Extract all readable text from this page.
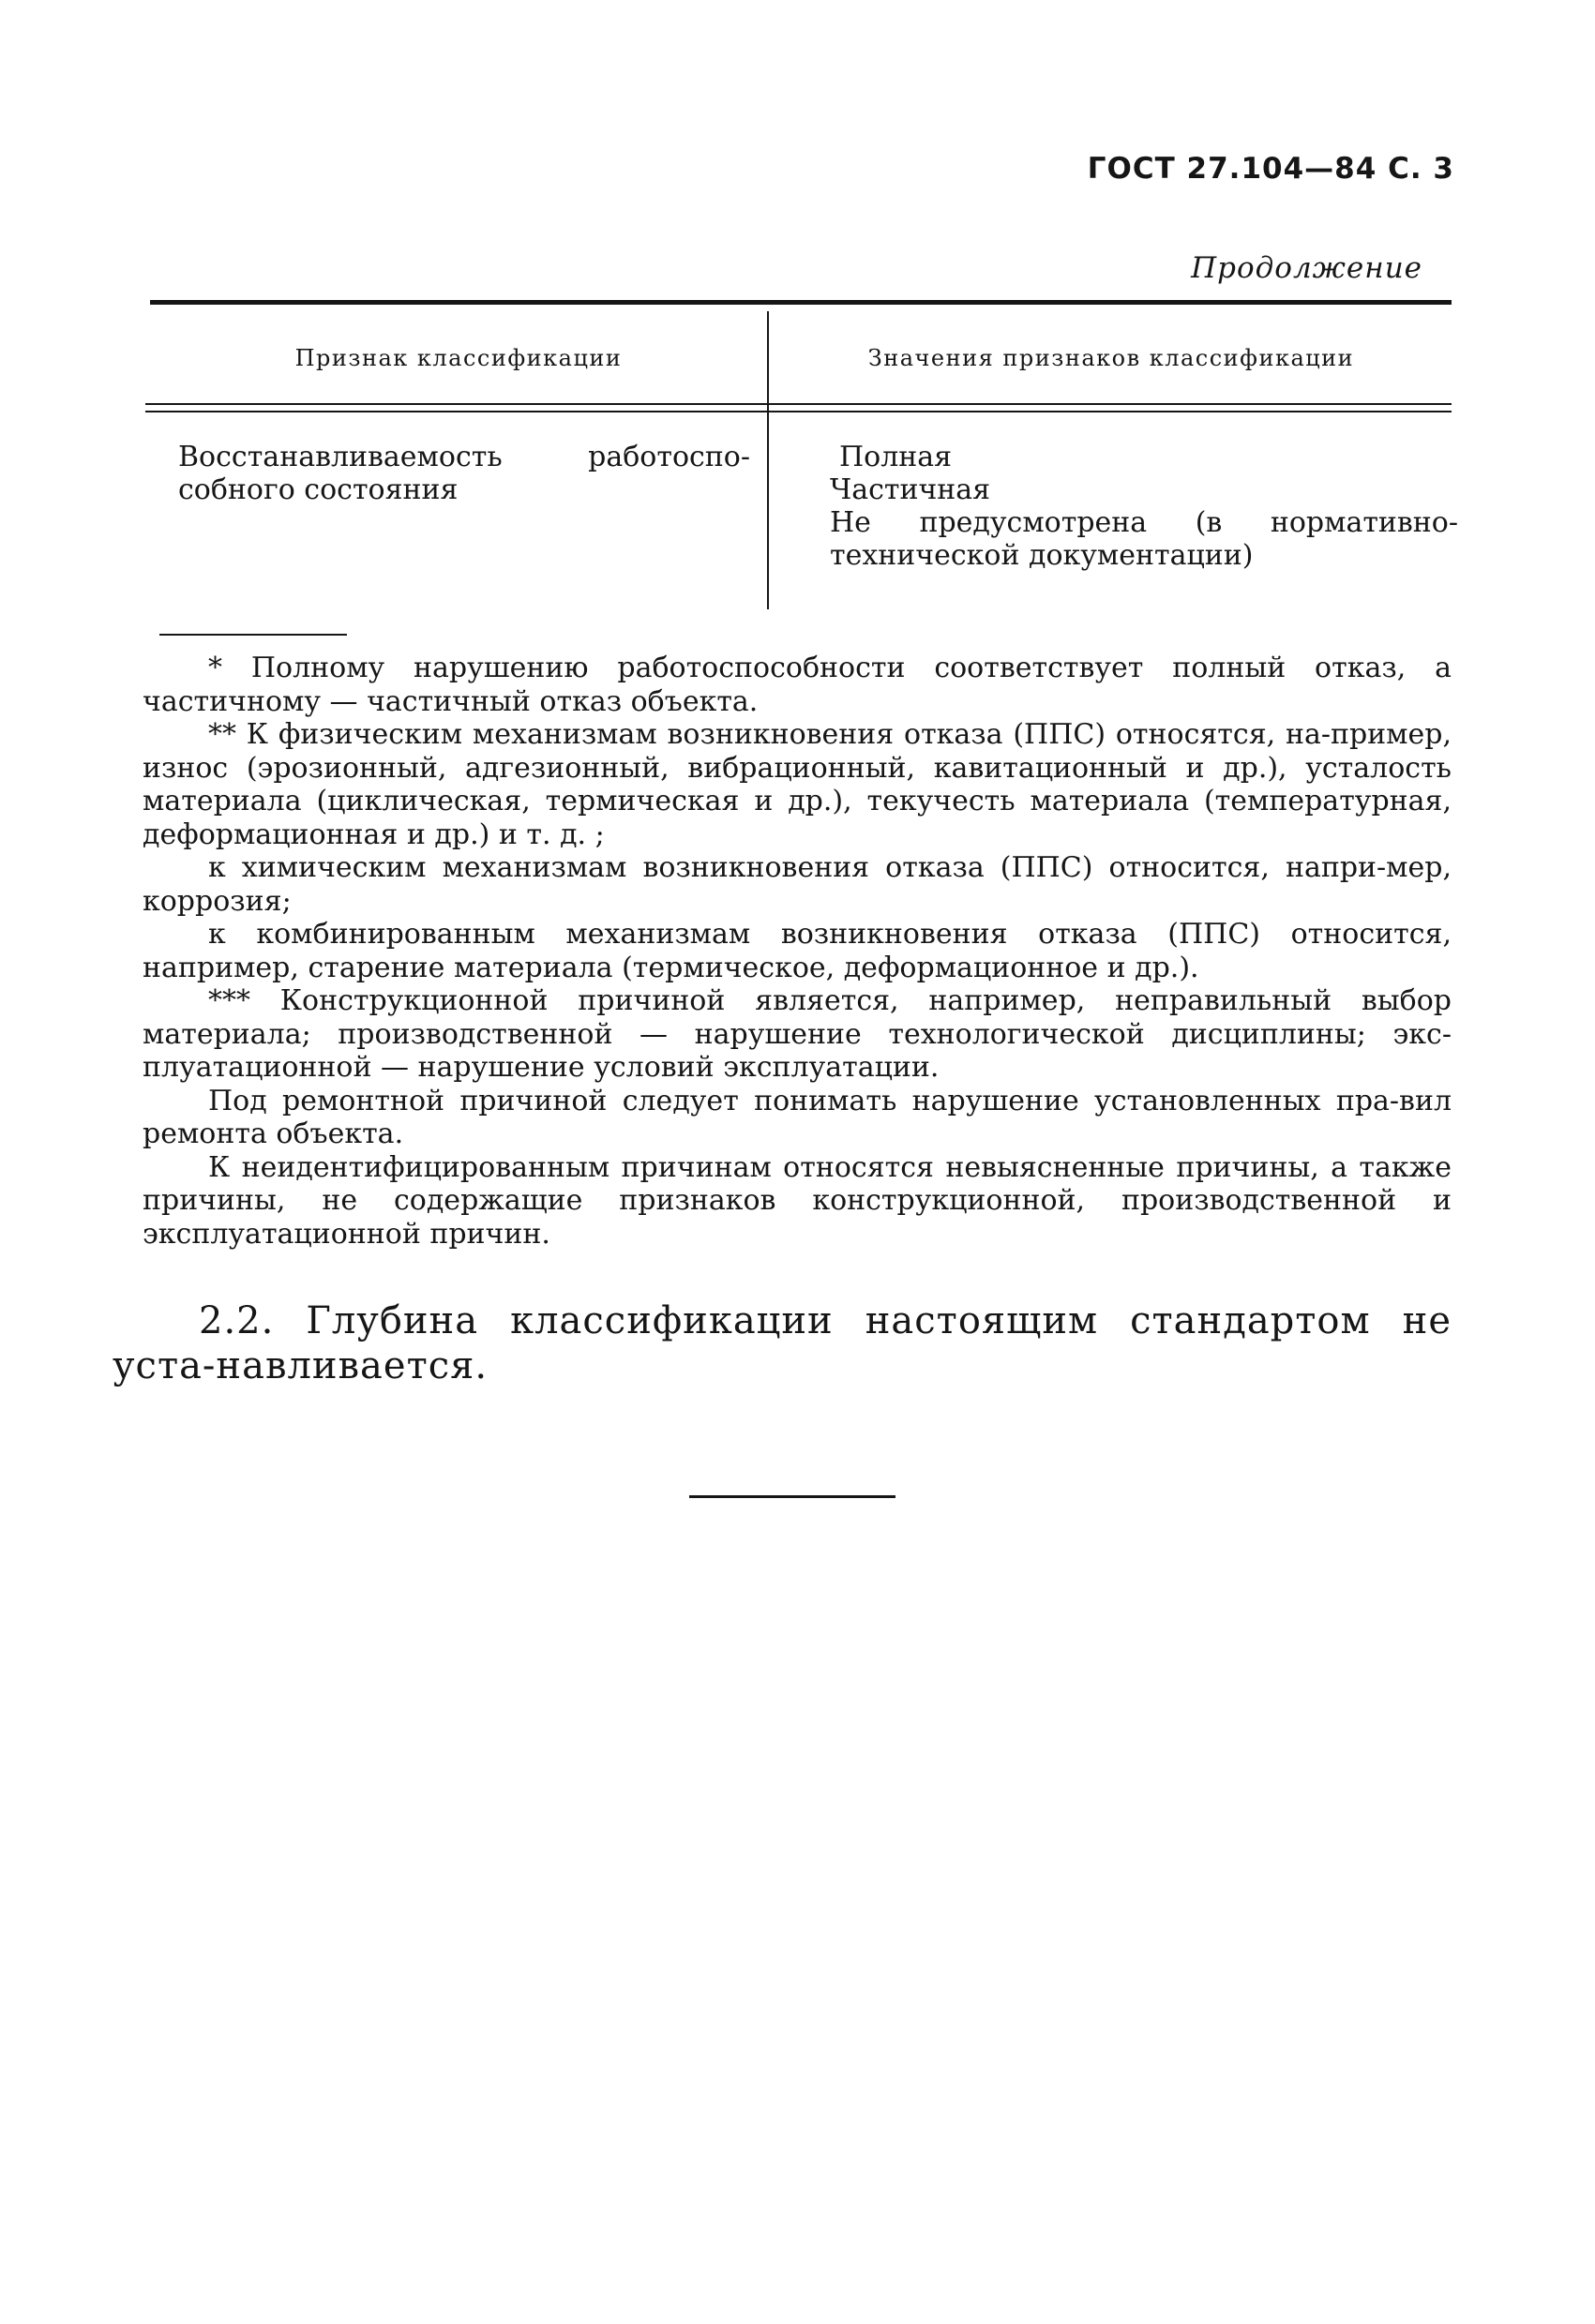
ГОСТ 27.104—84 С. 3
Продолжение
Признак классификации	Значения признаков классификации
Восстанавливаемость работоспо-собного состояния
Полная
Частичная
Не предусмотрена (в нормативно-технической документации)

* Полному нарушению работоспособности соответствует полный отказ, а частичному — частичный отказ объекта.

** К физическим механизмам возникновения отказа (ППС) относятся, на-пример, износ (эрозионный, адгезионный, вибрационный, кавитационный и др.), усталость материала (циклическая, термическая и др.), текучесть материала (температурная, деформационная и др.) и т. д. ;

к химическим механизмам возникновения отказа (ППС) относится, напри-мер, коррозия;

к комбинированным механизмам возникновения отказа (ППС) относится, например, старение материала (термическое, деформационное и др.).

*** Конструкционной причиной является, например, неправильный выбор материала; производственной — нарушение технологической дисциплины; экс-плуатационной — нарушение условий эксплуатации.

Под ремонтной причиной следует понимать нарушение установленных пра-вил ремонта объекта.

К неидентифицированным причинам относятся невыясненные причины, а также причины, не содержащие признаков конструкционной, производственной и эксплуатационной причин.

2.2. Глубина классификации настоящим стандартом не уста-навливается.
